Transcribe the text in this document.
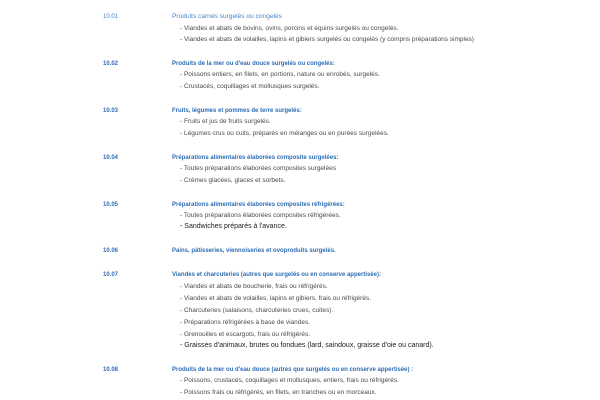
10.01	Produits carnés surgelés ou congelés
- Viandes et abats de bovins, ovins, porcins et équins surgelés ou congelés.
- Viandes et abats de volailles, lapins et gibiers surgelés ou congelés (y compris préparations simples)
10.02	Produits de la mer ou d'eau douce surgelés ou congelés:
- Poissons entiers, en filets, en portions, nature ou enrobés, surgelés.
- Crustacés, coquillages et mollusques surgelés.
10.03	Fruits, légumes et pommes de terre surgelés:
- Fruits et jus de fruits surgelés.
- Légumes crus ou cuits, préparés en mélanges ou en purées surgelées.
10.04	Préparations alimentaires élaborées composite surgelées:
- Toutes préparations élaborées composites surgelées
- Crèmes glacées, glaces et sorbets.
10.05	Préparations alimentaires élaborées composites réfrigérées:
- Toutes préparations élaborées composites réfrigérées.
- Sandwiches préparés à l'avance.
10.06	Pains, pâtisseries, viennoiseries et ovoproduits surgelés.
10.07	Viandes et charcuteries (autres que surgelés ou en conserve appertisée):
- Viandes et abats de boucherie, frais ou réfrigérés.
- Viandes et abats de volailles, lapins et gibiers, frais ou réfrigérés.
- Charcuteries (salaisons, charcuteries crues, cuites).
- Préparations réfrigérées à base de viandes.
- Grenouilles et escargots, frais ou réfrigérés.
- Graisses d'animaux, brutes ou fondues (lard, saindoux, graisse d'oie ou canard).
10.08	Produits de la mer ou d'eau douce (autres que surgelés ou en conserve appertisée) :
- Poissons, crustacés, coquillages et mollusques, entiers, frais ou réfrigérés.
- Poissons frais ou réfrigérés, en filets, en tranches ou en morceaux.
